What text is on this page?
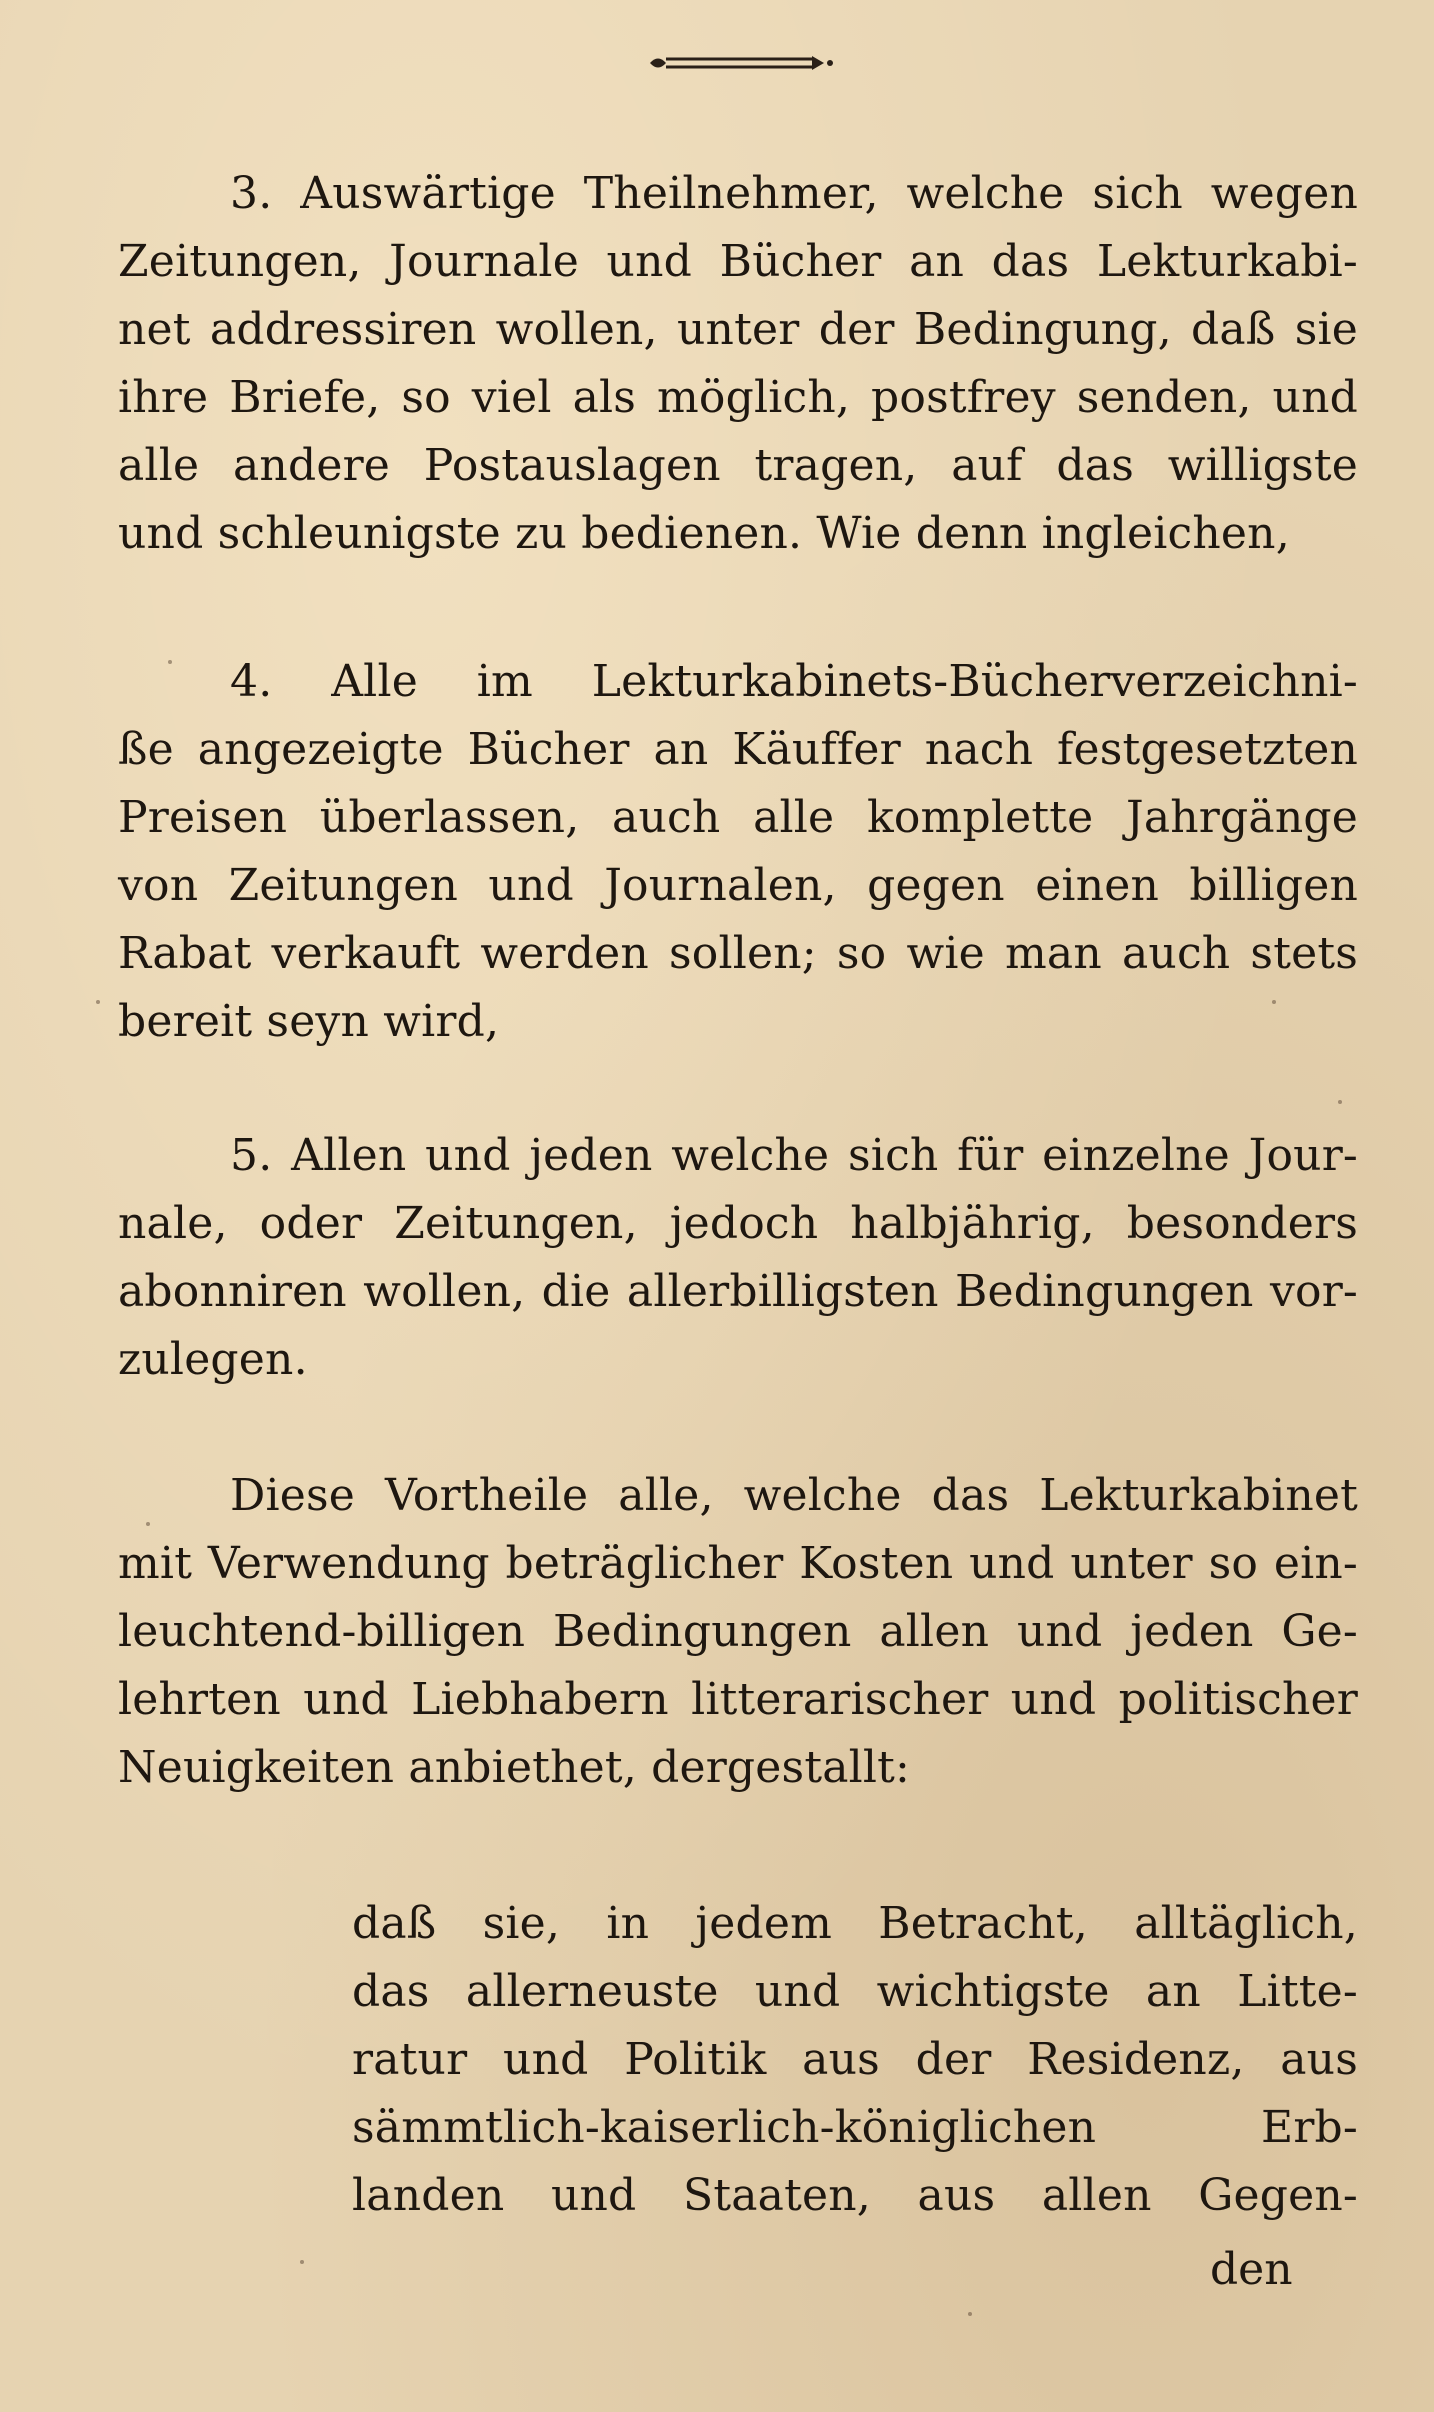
3. Auswärtige Theilnehmer, welche sich wegen
Zeitungen, Journale und Bücher an das Lekturkabi-
net addressiren wollen, unter der Bedingung, daß sie
ihre Briefe, so viel als möglich, postfrey senden, und
alle andere Postauslagen tragen, auf das willigste
und schleunigste zu bedienen. Wie denn ingleichen,
4. Alle im Lekturkabinets-Bücherverzeichni-
ße angezeigte Bücher an Käuffer nach festgesetzten
Preisen überlassen, auch alle komplette Jahrgänge
von Zeitungen und Journalen, gegen einen billigen
Rabat verkauft werden sollen; so wie man auch stets
bereit seyn wird,
5. Allen und jeden welche sich für einzelne Jour-
nale, oder Zeitungen, jedoch halbjährig, besonders
abonniren wollen, die allerbilligsten Bedingungen vor-
zulegen.
Diese Vortheile alle, welche das Lekturkabinet
mit Verwendung beträglicher Kosten und unter so ein-
leuchtend-billigen Bedingungen allen und jeden Ge-
lehrten und Liebhabern litterarischer und politischer
Neuigkeiten anbiethet, dergestallt:
daß sie, in jedem Betracht, alltäglich,
das allerneuste und wichtigste an Litte-
ratur und Politik aus der Residenz, aus
sämmtlich-kaiserlich-königlichen Erb-
landen und Staaten, aus allen Gegen-
den
